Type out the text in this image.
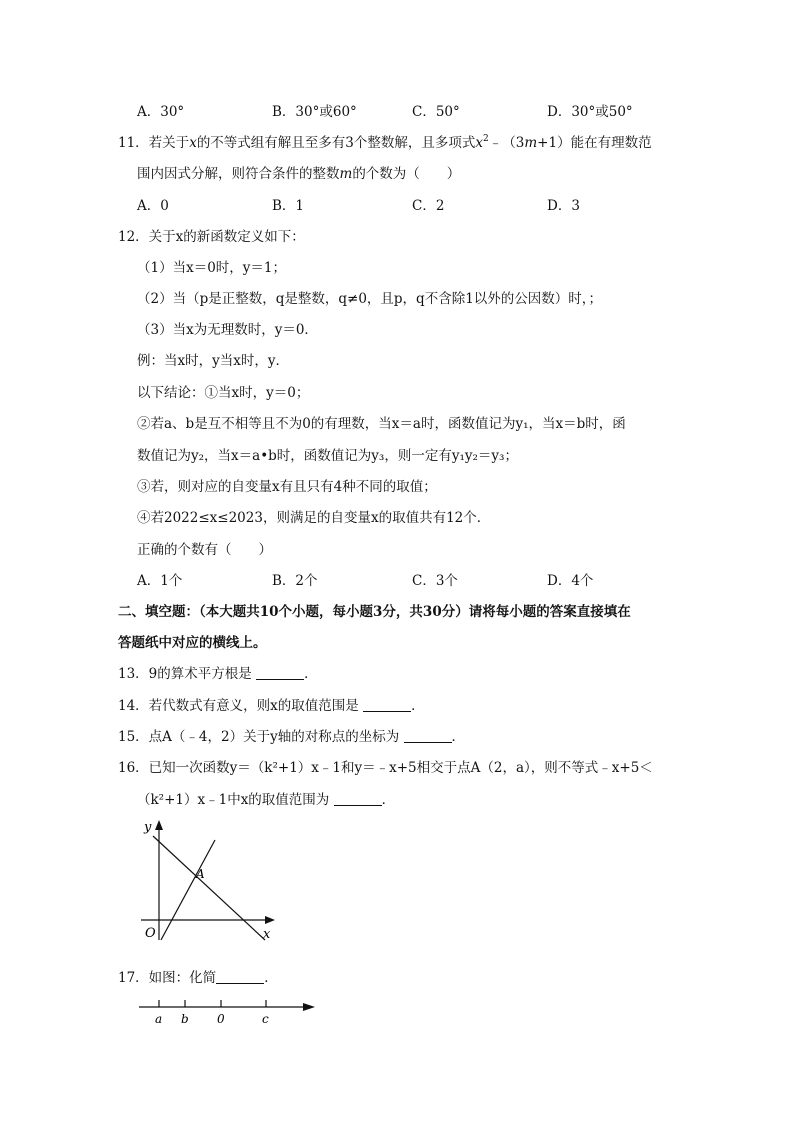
A．30°	B．30°或60°	C．50°	D．30°或50°
11．若关于x的不等式组有解且至多有3个整数解，且多项式$x^2﹣(3m+1)$能在有理数范
围内因式分解，则符合条件的整数m的个数为（　　）
A．0	B．1	C．2	D．3
12．关于x的新函数定义如下：
（1）当x＝0时，y＝1；
（2）当（p是正整数，q是整数，q≠0，且p，q不含除1以外的公因数）时，；
（3）当x为无理数时，y＝0．
例：当x时，y当x时，y．
以下结论：①当x时，y＝0；
②若a、b是互不相等且不为0的有理数，当x＝a时，函数值记为y₁，当x＝b时，函
数值记为y₂，当x＝a•b时，函数值记为y₃，则一定有y₁y₂＝y₃；
③若，则对应的自变量x有且只有4种不同的取值；
④若2022≤x≤2023，则满足的自变量x的取值共有12个．
正确的个数有（　　）
A．1个	B．2个	C．3个	D．4个
二、填空题：（本大题共10个小题，每小题3分，共30分）请将每小题的答案直接填在
答题纸中对应的横线上。
13．9的算术平方根是	．
14．若代数式有意义，则x的取值范围是	．
15．点A（﹣4，2）关于y轴的对称点的坐标为	．
16．已知一次函数y＝（k²+1）x﹣1和y＝﹣x+5相交于点A（2，a），则不等式﹣x+5＜
（k²+1）x﹣1中x的取值范围为	．
y
x
O
A
17．如图：化简	．
a b 0	c
